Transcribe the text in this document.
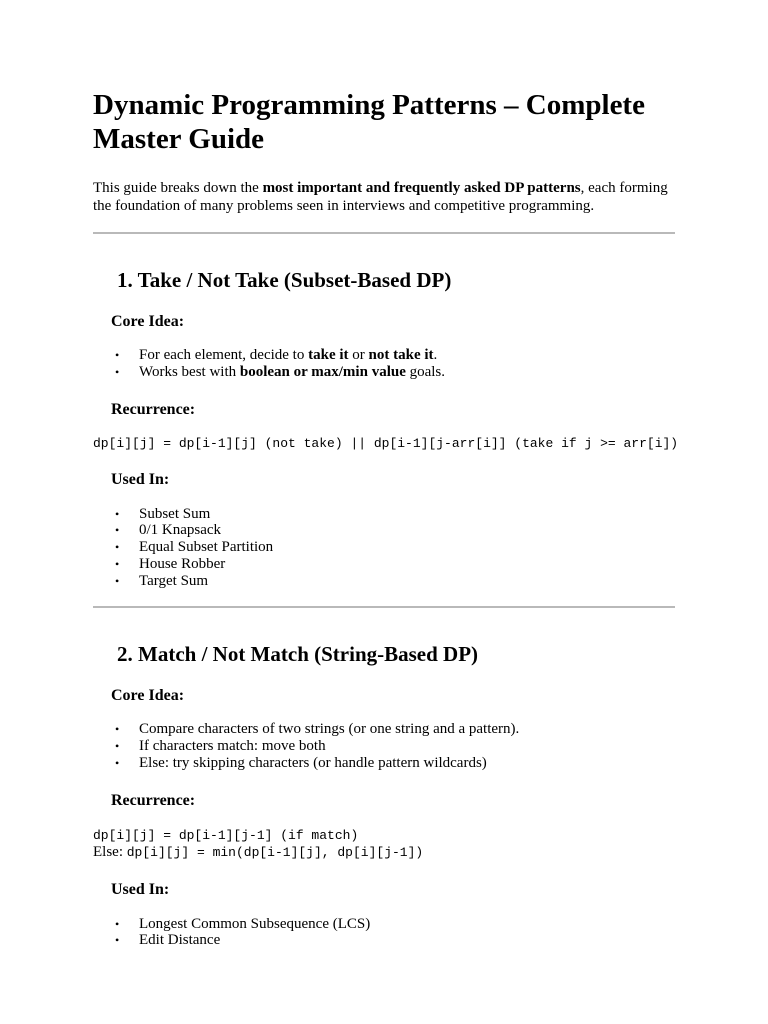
Dynamic Programming Patterns – Complete Master Guide

This guide breaks down the most important and frequently asked DP patterns, each forming the foundation of many problems seen in interviews and competitive programming.

1. Take / Not Take (Subset-Based DP)
Core Idea:
• For each element, decide to take it or not take it.
• Works best with boolean or max/min value goals.
Recurrence:
dp[i][j] = dp[i-1][j] (not take) || dp[i-1][j-arr[i]] (take if j >= arr[i])
Used In:
• Subset Sum
• 0/1 Knapsack
• Equal Subset Partition
• House Robber
• Target Sum
2. Match / Not Match (String-Based DP)
Core Idea:
• Compare characters of two strings (or one string and a pattern).
• If characters match: move both
• Else: try skipping characters (or handle pattern wildcards)
Recurrence:
dp[i][j] = dp[i-1][j-1] (if match)
Else: dp[i][j] = min(dp[i-1][j], dp[i][j-1])
Used In:
• Longest Common Subsequence (LCS)
• Edit Distance
